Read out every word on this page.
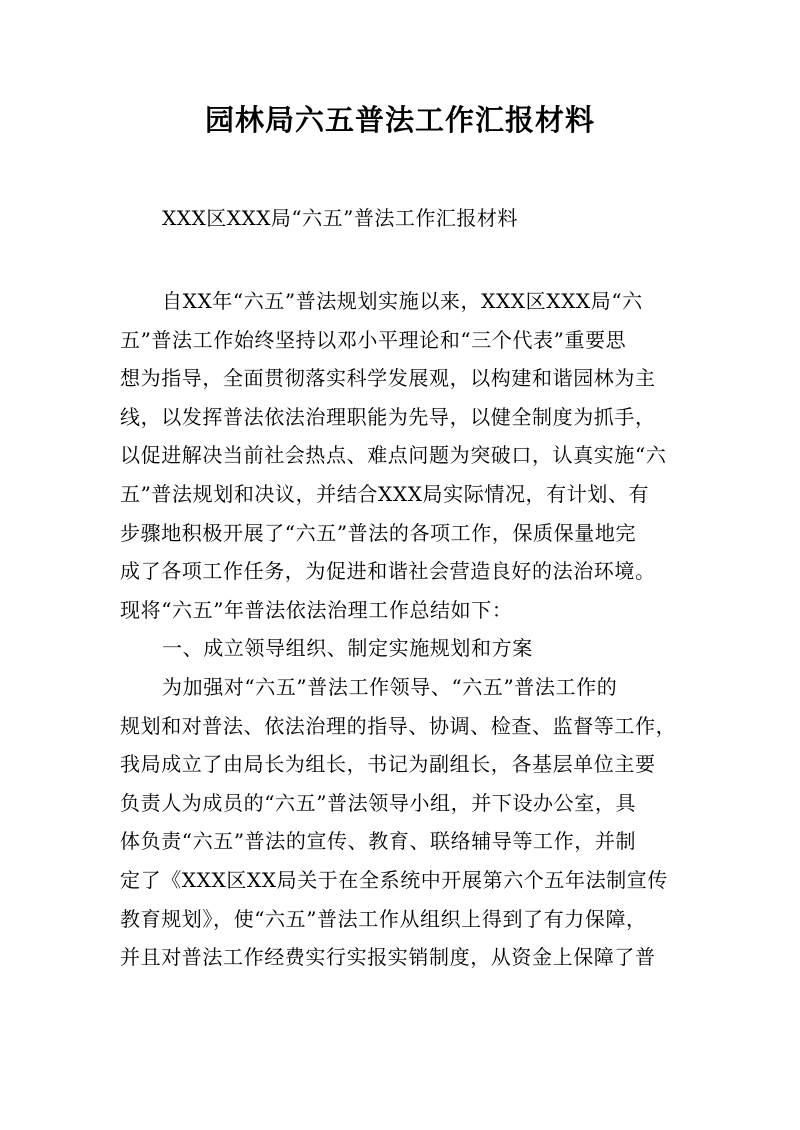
园林局六五普法工作汇报材料
XXX区XXX局“六五”普法工作汇报材料
自XX年“六五”普法规划实施以来，XXX区XXX局“六
五”普法工作始终坚持以邓小平理论和“三个代表”重要思
想为指导，全面贯彻落实科学发展观，以构建和谐园林为主
线，以发挥普法依法治理职能为先导，以健全制度为抓手，
以促进解决当前社会热点、难点问题为突破口，认真实施“六
五”普法规划和决议，并结合XXX局实际情况，有计划、有
步骤地积极开展了“六五”普法的各项工作，保质保量地完
成了各项工作任务，为促进和谐社会营造良好的法治环境。
现将“六五”年普法依法治理工作总结如下：
一、成立领导组织、制定实施规划和方案
为加强对“六五”普法工作领导、“六五”普法工作的
规划和对普法、依法治理的指导、协调、检查、监督等工作，
我局成立了由局长为组长，书记为副组长，各基层单位主要
负责人为成员的“六五”普法领导小组，并下设办公室，具
体负责“六五”普法的宣传、教育、联络辅导等工作，并制
定了《XXX区XX局关于在全系统中开展第六个五年法制宣传
教育规划》，使“六五”普法工作从组织上得到了有力保障，
并且对普法工作经费实行实报实销制度，从资金上保障了普
